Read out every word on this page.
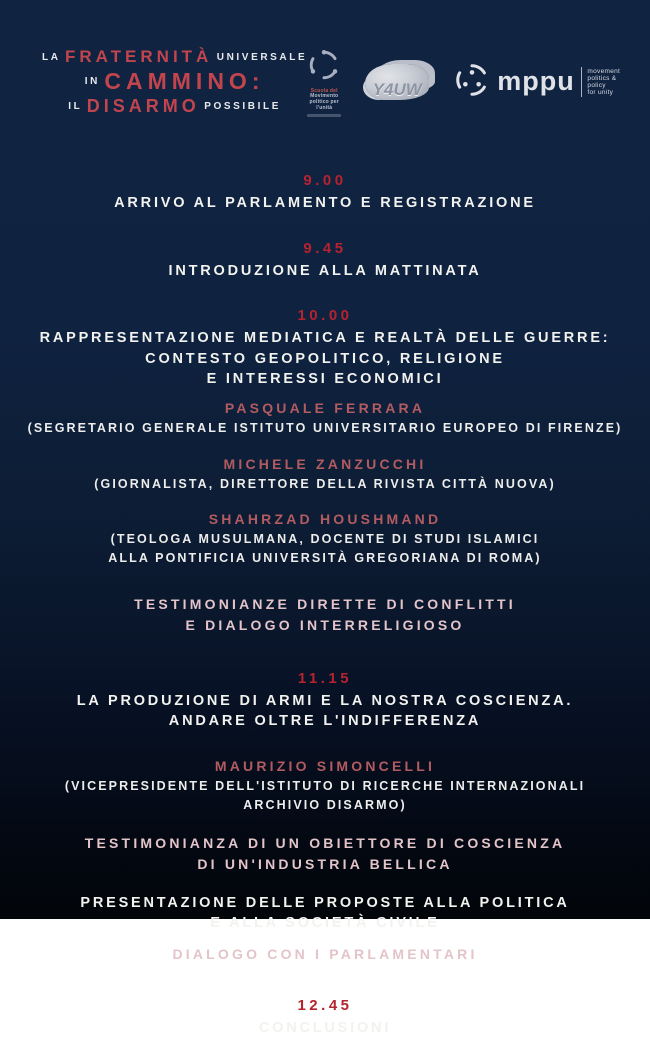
LA FRATERNITÀ UNIVERSALE
$^{IN}$ CAMMINO:
IL DISARMO POSSIBILE
Scuola del
Movimento
politico per l'unità
Y4UW	mppu movement
politics & policy
for unity
9.00
ARRIVO AL PARLAMENTO E REGISTRAZIONE
9.45
INTRODUZIONE ALLA MATTINATA
10.00
RAPPRESENTAZIONE MEDIATICA E REALTÀ DELLE GUERRE:
CONTESTO GEOPOLITICO, RELIGIONE
E INTERESSI ECONOMICI
PASQUALE FERRARA
(SEGRETARIO GENERALE ISTITUTO UNIVERSITARIO EUROPEO DI FIRENZE)
MICHELE ZANZUCCHI
(GIORNALISTA, DIRETTORE DELLA RIVISTA CITTÀ NUOVA)
SHAHRZAD HOUSHMAND
(TEOLOGA MUSULMANA, DOCENTE DI STUDI ISLAMICI
ALLA PONTIFICIA UNIVERSITÀ GREGORIANA DI ROMA)
TESTIMONIANZE DIRETTE DI CONFLITTI
E DIALOGO INTERRELIGIOSO
11.15
LA PRODUZIONE DI ARMI E LA NOSTRA COSCIENZA.
ANDARE OLTRE L'INDIFFERENZA
MAURIZIO SIMONCELLI
(VICEPRESIDENTE DELL'ISTITUTO DI RICERCHE INTERNAZIONALI
ARCHIVIO DISARMO)
TESTIMONIANZA DI UN OBIETTORE DI COSCIENZA
DI UN'INDUSTRIA BELLICA
PRESENTAZIONE DELLE PROPOSTE ALLA POLITICA
E ALLA SOCIETÀ CIVILE
DIALOGO CON I PARLAMENTARI
12.45
CONCLUSIONI
